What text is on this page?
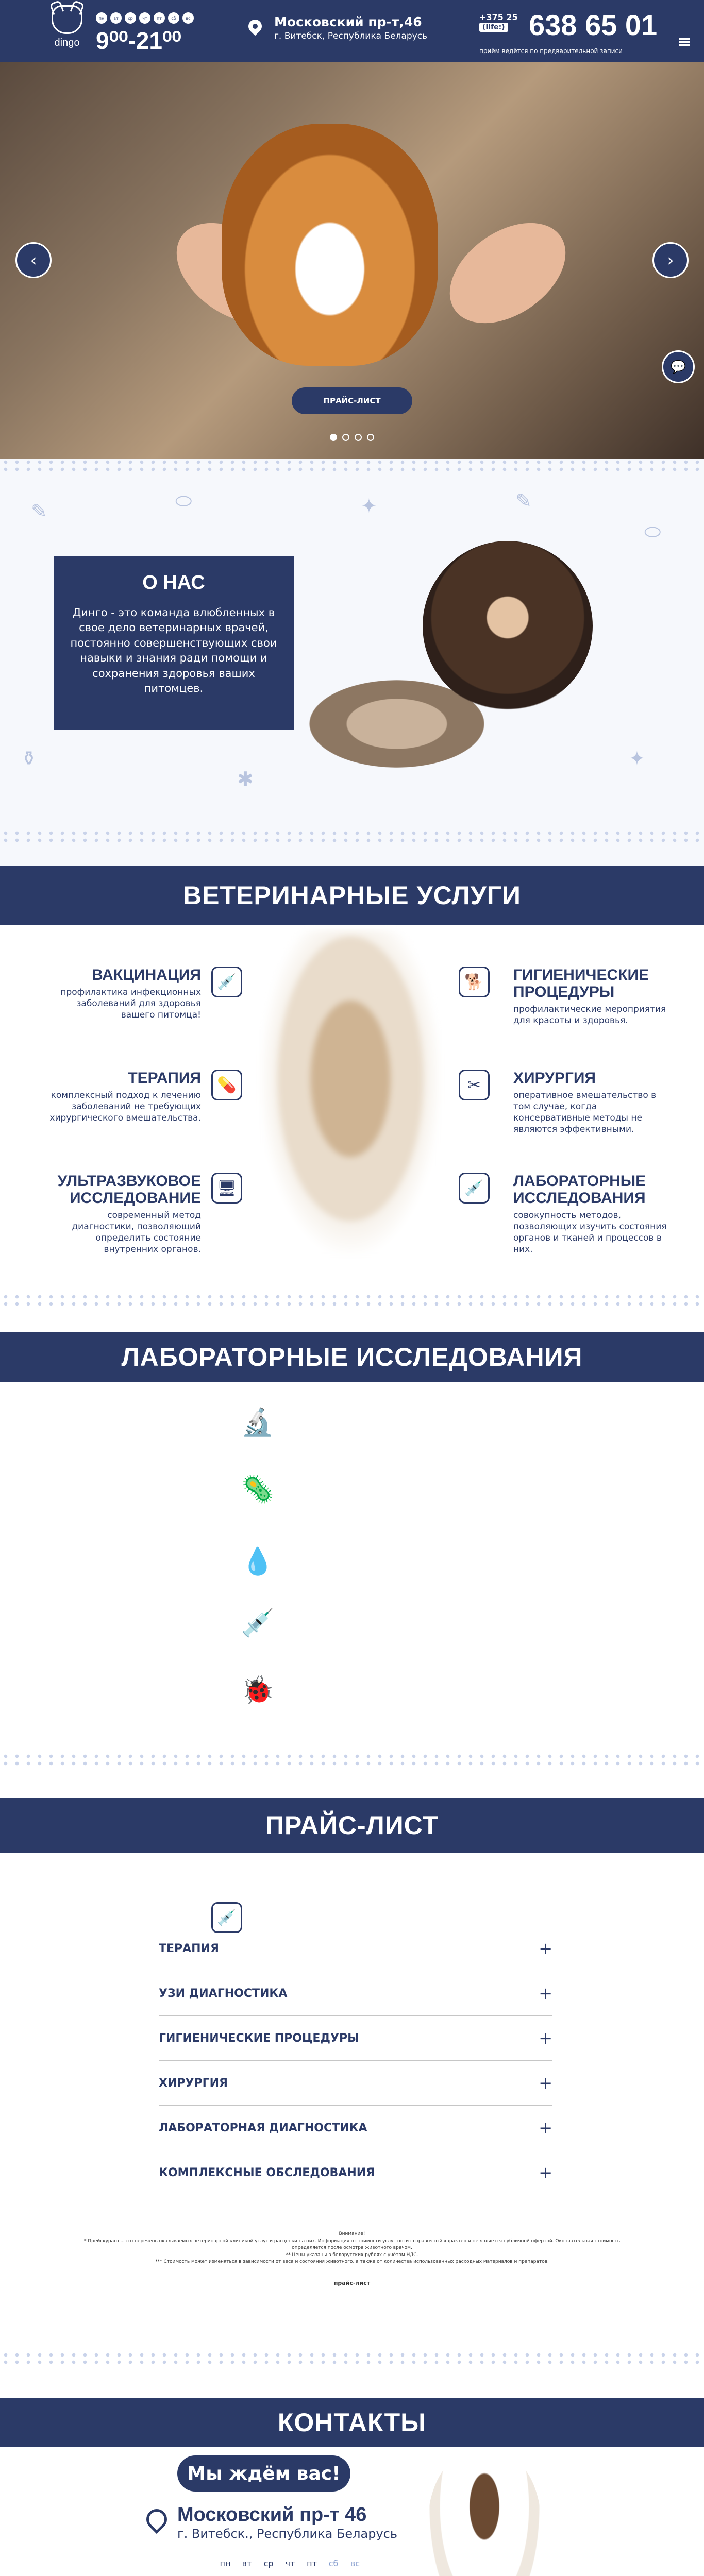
dingo
пн	вт	ср	чт	пт	сб	вс
9⁰⁰-21⁰⁰
Московский пр-т,46
г. Витебск, Республика Беларусь
+375 25
(life:) 638 65 01
приём ведётся по предварительной записи
‹	›
ПРАЙС-ЛИСТ
💬
✎	⬭	✦	✎
⬭
⚱
✱
✦
О НАС

Динго - это команда влюбленных в свое дело ветеринарных врачей, постоянно совершенствующих свои навыки и знания ради помощи и сохранения здоровья ваших питомцев.

ВЕТЕРИНАРНЫЕ УСЛУГИ
ВАКЦИНАЦИЯ

профилактика инфекционных заболеваний для здоровья вашего питомца!

💉
ТЕРАПИЯ

комплексный подход к лечению заболеваний не требующих хирургического вмешательства.

УЛЬТРАЗВУКОВОЕ ИССЛЕДОВАНИЕ

современный метод диагностики, позволяющий определить состояние внутренних органов.

ГИГИЕНИЧЕСКИЕ ПРОЦЕДУРЫ

профилактические мероприятия для красоты и здоровья.

ХИРУРГИЯ

оперативное вмешательство в том случае, когда консервативные методы не являются эффективными.

ЛАБОРАТОРНЫЕ ИССЛЕДОВАНИЯ

совокупность методов, позволяющих изучить состояния органов и тканей и процессов в них.

💉
💊
🖥
🐕
✂
💉
ЛАБОРАТОРНЫЕ ИССЛЕДОВАНИЯ
🔬
🦠
💧
💉
🐞
ПРАЙС-ЛИСТ
ТЕРАПИЯ	+
УЗИ ДИАГНОСТИКА	+
ГИГИЕНИЧЕСКИЕ ПРОЦЕДУРЫ	+
ХИРУРГИЯ	+
ЛАБОРАТОРНАЯ ДИАГНОСТИКА	+
КОМПЛЕКСНЫЕ ОБСЛЕДОВАНИЯ	+
Внимание!
* Прейскурант – это перечень оказываемых ветеринарной клиникой услуг и расценки на них. Информация о стоимости услуг носит справочный характер и не является публичной офертой. Окончательная стоимость определяется после осмотра животного врачом.
** Цены указаны в белорусских рублях с учётом НДС.
*** Стоимость может изменяться в зависимости от веса и состояния животного, а также от количества использованных расходных материалов и препаратов.
прайс-лист
КОНТАКТЫ
Мы ждём вас!
Московский пр-т 46
г. Витебск., Республика Беларусь
пн	вт	ср	чт	пт	сб	вс
